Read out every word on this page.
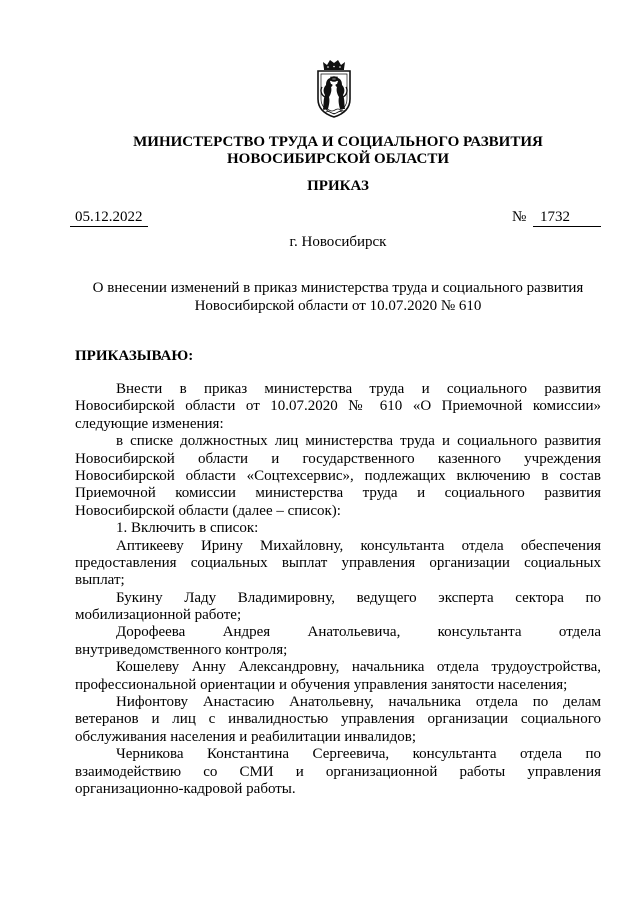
МИНИСТЕРСТВО ТРУДА И СОЦИАЛЬНОГО РАЗВИТИЯ
НОВОСИБИРСКОЙ ОБЛАСТИ
ПРИКАЗ
05.12.2022	№ 1732
г. Новосибирск
О внесении изменений в приказ министерства труда и социального развития
Новосибирской области от 10.07.2020 № 610
ПРИКАЗЫВАЮ:
Внести в приказ министерства труда и социального развития
Новосибирской области от 10.07.2020 № 610 «О Приемочной комиссии»
следующие изменения:
в списке должностных лиц министерства труда и социального развития
Новосибирской области и государственного казенного учреждения
Новосибирской области «Соцтехсервис», подлежащих включению в состав
Приемочной комиссии министерства труда и социального развития
Новосибирской области (далее – список):
1. Включить в список:
Аптикееву Ирину Михайловну, консультанта отдела обеспечения
предоставления социальных выплат управления организации социальных
выплат;
Букину Ладу Владимировну, ведущего эксперта сектора по
мобилизационной работе;
Дорофеева Андрея Анатольевича, консультанта отдела
внутриведомственного контроля;
Кошелеву Анну Александровну, начальника отдела трудоустройства,
профессиональной ориентации и обучения управления занятости населения;
Нифонтову Анастасию Анатольевну, начальника отдела по делам
ветеранов и лиц с инвалидностью управления организации социального
обслуживания населения и реабилитации инвалидов;
Черникова Константина Сергеевича, консультанта отдела по
взаимодействию со СМИ и организационной работы управления
организационно-кадровой работы.
